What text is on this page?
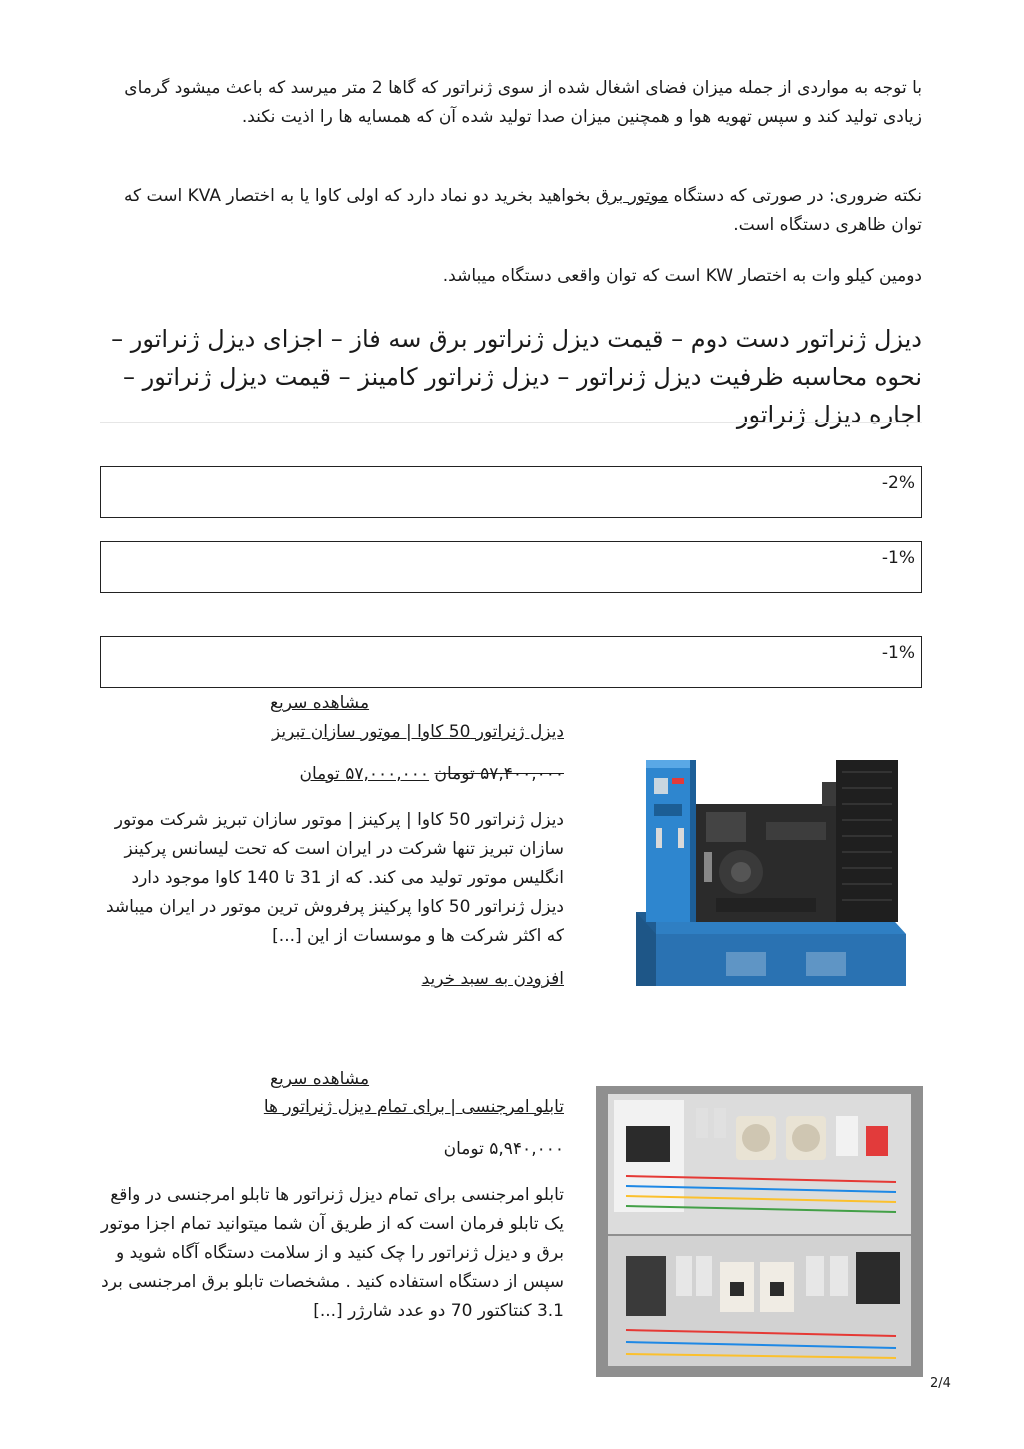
با توجه به مواردی از جمله میزان فضای اشغال شده از سوی ژنراتور که گاها 2 متر میرسد که باعث میشود گرمای زیادی تولید کند و سپس تهویه هوا و همچنین میزان صدا تولید شده آن که همسایه ها را اذیت نکند.

نکته ضروری: در صورتی که دستگاه موتور برق بخواهید بخرید دو نماد دارد که اولی کاوا یا به اختصار KVA است که توان ظاهری دستگاه است.

دومین کیلو وات به اختصار KW است که توان واقعی دستگاه میباشد.

دیزل ژنراتور دست دوم – قیمت دیزل ژنراتور برق سه فاز – اجزای دیزل ژنراتور – نحوه محاسبه ظرفیت دیزل ژنراتور – دیزل ژنراتور کامینز – قیمت دیزل ژنراتور – اجاره دیزل ژنراتور
-2%
-1%
-1%
مشاهده سریع
دیزل ژنراتور 50 کاوا | موتور سازان تبریز
۵۷,۴۰۰,۰۰۰ تومان ۵۷,۰۰۰,۰۰۰ تومان
دیزل ژنراتور 50 کاوا | پرکینز | موتور سازان تبریز شرکت موتور سازان تبریز تنها شرکت در ایران است که تحت لیسانس پرکینز انگلیس موتور تولید می کند. که از 31 تا 140 کاوا موجود دارد دیزل ژنراتور 50 کاوا پرکینز پرفروش ترین موتور در ایران میباشد که اکثر شرکت ها و موسسات از این [...]
افزودن به سبد خرید
مشاهده سریع
تابلو امرجنسی | برای تمام دیزل ژنراتور ها
۵,۹۴۰,۰۰۰ تومان
تابلو امرجنسی برای تمام دیزل ژنراتور ها تابلو امرجنسی در واقع یک تابلو فرمان است که از طریق آن شما میتوانید تمام اجزا موتور برق و دیزل ژنراتور را چک کنید و از سلامت دستگاه آگاه شوید و سپس از دستگاه استفاده کنید . مشخصات تابلو برق امرجنسی برد 3.1 کنتاکتور 70 دو عدد شارژر [...]
2/4
